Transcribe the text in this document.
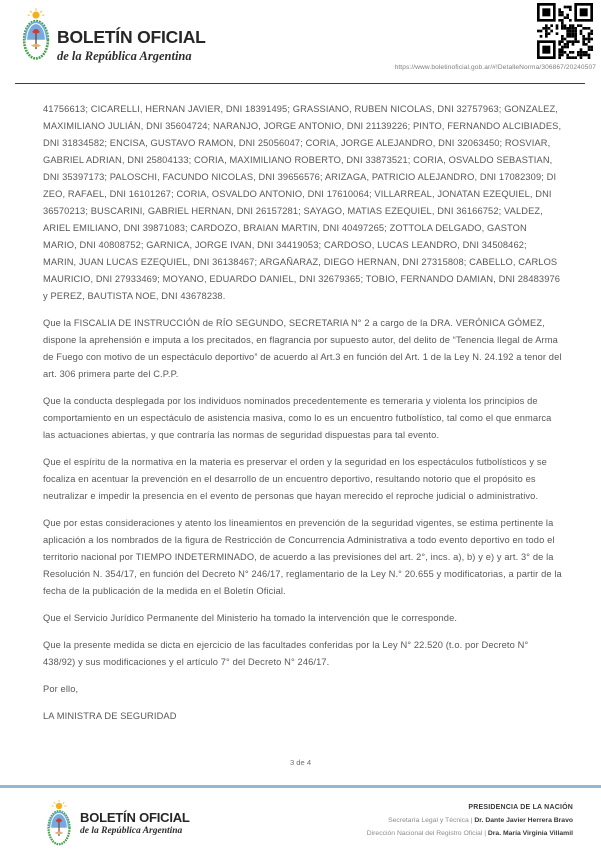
BOLETÍN OFICIAL
de la República Argentina
https://www.boletinoficial.gob.ar/#!DetalleNorma/306867/20240507

41756613; CICARELLI, HERNAN JAVIER, DNI 18391495; GRASSIANO, RUBEN NICOLAS, DNI 32757963; GONZALEZ, MAXIMILIANO JULIÁN, DNI 35604724; NARANJO, JORGE ANTONIO, DNI 21139226; PINTO, FERNANDO ALCIBIADES, DNI 31834582; ENCISA, GUSTAVO RAMON, DNI 25056047; CORIA, JORGE ALEJANDRO, DNI 32063450; ROSVIAR, GABRIEL ADRIAN, DNI 25804133; CORIA, MAXIMILIANO ROBERTO, DNI 33873521; CORIA, OSVALDO SEBASTIAN, DNI 35397173; PALOSCHI, FACUNDO NICOLAS, DNI 39656576; ARIZAGA, PATRICIO ALEJANDRO, DNI 17082309; DI ZEO, RAFAEL, DNI 16101267; CORIA, OSVALDO ANTONIO, DNI 17610064; VILLARREAL, JONATAN EZEQUIEL, DNI 36570213; BUSCARINI, GABRIEL HERNAN, DNI 26157281; SAYAGO, MATIAS EZEQUIEL, DNI 36166752; VALDEZ, ARIEL EMILIANO, DNI 39871083; CARDOZO, BRAIAN MARTIN, DNI 40497265; ZOTTOLA DELGADO, GASTON MARIO, DNI 40808752; GARNICA, JORGE IVAN, DNI 34419053; CARDOSO, LUCAS LEANDRO, DNI 34508462; MARIN, JUAN LUCAS EZEQUIEL, DNI 36138467; ARGAÑARAZ, DIEGO HERNAN, DNI 27315808; CABELLO, CARLOS MAURICIO, DNI 27933469; MOYANO, EDUARDO DANIEL, DNI 32679365; TOBIO, FERNANDO DAMIAN, DNI 28483976 y PEREZ, BAUTISTA NOE, DNI 43678238.

Que la FISCALIA DE INSTRUCCIÓN de RÍO SEGUNDO, SECRETARIA N° 2 a cargo de la DRA. VERÓNICA GÓMEZ, dispone la aprehensión e imputa a los precitados, en flagrancia por supuesto autor, del delito de “Tenencia Ilegal de Arma de Fuego con motivo de un espectáculo deportivo” de acuerdo al Art.3 en función del Art. 1 de la Ley N. 24.192 a tenor del art. 306 primera parte del C.P.P.

Que la conducta desplegada por los individuos nominados precedentemente es temeraria y violenta los principios de comportamiento en un espectáculo de asistencia masiva, como lo es un encuentro futbolístico, tal como el que enmarca las actuaciones abiertas, y que contraría las normas de seguridad dispuestas para tal evento.

Que el espíritu de la normativa en la materia es preservar el orden y la seguridad en los espectáculos futbolísticos y se focaliza en acentuar la prevención en el desarrollo de un encuentro deportivo, resultando notorio que el propósito es neutralizar e impedir la presencia en el evento de personas que hayan merecido el reproche judicial o administrativo.

Que por estas consideraciones y atento los lineamientos en prevención de la seguridad vigentes, se estima pertinente la aplicación a los nombrados de la figura de Restricción de Concurrencia Administrativa a todo evento deportivo en todo el territorio nacional por TIEMPO INDETERMINADO, de acuerdo a las previsiones del art. 2°, incs. a), b) y e) y art. 3° de la Resolución N. 354/17, en función del Decreto N° 246/17, reglamentario de la Ley N.° 20.655 y modificatorias, a partir de la fecha de la publicación de la medida en el Boletín Oficial.

Que el Servicio Jurídico Permanente del Ministerio ha tomado la intervención que le corresponde.

Que la presente medida se dicta en ejercicio de las facultades conferidas por la Ley N° 22.520 (t.o. por Decreto N° 438/92) y sus modificaciones y el artículo 7° del Decreto N° 246/17.

Por ello,

LA MINISTRA DE SEGURIDAD

3 de 4
BOLETÍN OFICIAL
de la República Argentina
PRESIDENCIA DE LA NACIÓN
Secretaría Legal y Técnica | Dr. Dante Javier Herrera Bravo
Dirección Nacional del Registro Oficial | Dra. María Virginia Villamil
